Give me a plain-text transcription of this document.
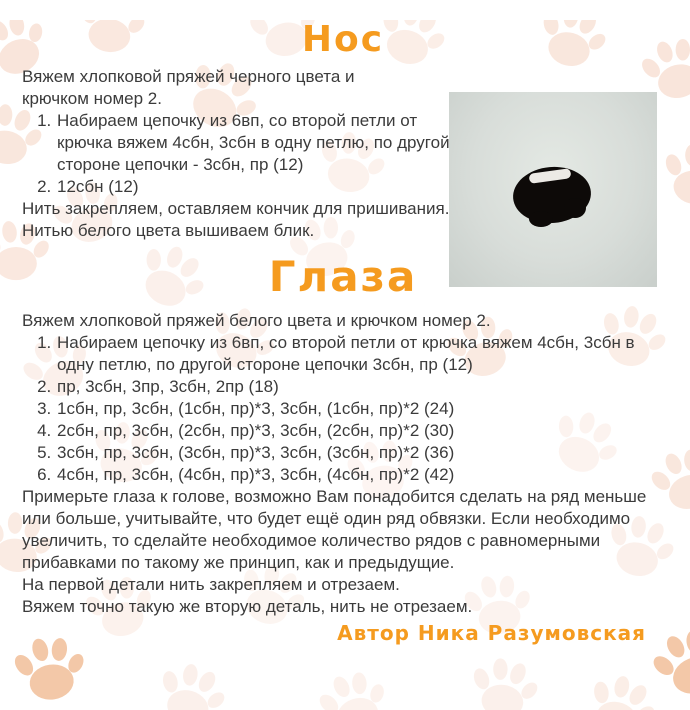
Нос

Вяжем хлопковой пряжей черного цвета и крючком номер 2.

1. Набираем цепочку из 6вп, со второй петли от крючка вяжем 4сбн, 3сбн в одну петлю, по другой стороне цепочки - 3сбн, пр (12)
2. 12сбн (12)

Нить закрепляем, оставляем кончик для пришивания.

Нитью белого цвета вышиваем блик.

Глаза

Вяжем хлопковой пряжей белого цвета и крючком номер 2.

1. Набираем цепочку из 6вп, со второй петли от крючка вяжем 4сбн, 3сбн в одну петлю, по другой стороне цепочки 3сбн, пр (12)
2. пр, 3сбн, 3пр, 3сбн, 2пр (18)
3. 1сбн, пр, 3сбн, (1сбн, пр)*3, 3сбн, (1сбн, пр)*2 (24)
4. 2сбн, пр, 3сбн, (2сбн, пр)*3, 3сбн, (2сбн, пр)*2 (30)
5. 3сбн, пр, 3сбн, (3сбн, пр)*3, 3сбн, (3сбн, пр)*2 (36)
6. 4сбн, пр, 3сбн, (4сбн, пр)*3, 3сбн, (4сбн, пр)*2 (42)

Примерьте глаза к голове, возможно Вам понадобится сделать на ряд меньше или больше, учитывайте, что будет ещё один ряд обвязки. Если необходимо увеличить, то сделайте необходимое количество рядов с равномерными прибавками по такому же принцип, как и предыдущие.

На первой детали нить закрепляем и отрезаем.

Вяжем точно такую же вторую деталь, нить не отрезаем.

Автор Ника Разумовская
